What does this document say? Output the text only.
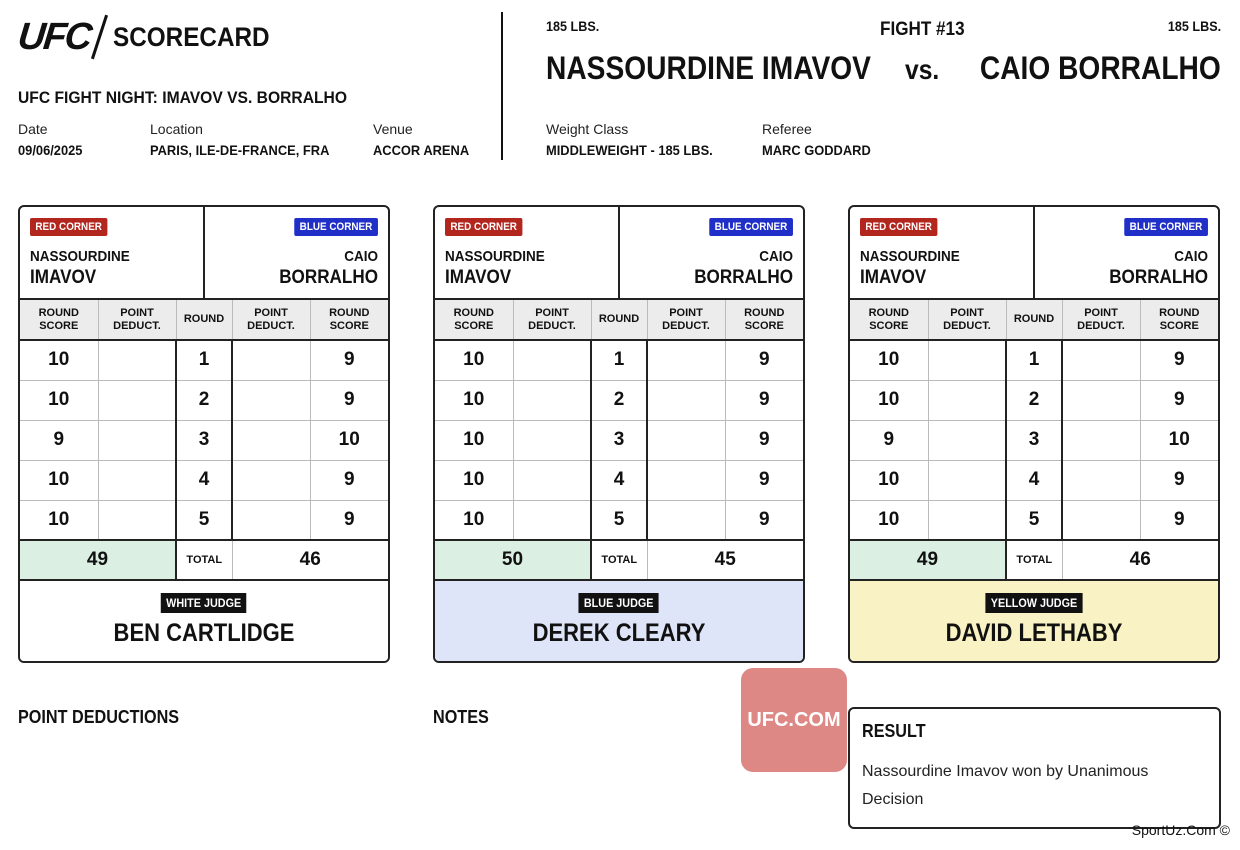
UFC SCORECARD
UFC FIGHT NIGHT: IMAVOV VS. BORRALHO
Date
09/06/2025
Location
PARIS, ILE-DE-FRANCE, FRA
Venue
ACCOR ARENA
185 LBS.	185 LBS.
FIGHT #13
NASSOURDINE IMAVOV vs. CAIO BORRALHO
Weight Class
MIDDLEWEIGHT - 185 LBS.
Referee
MARC GODDARD
RED CORNER
NASSOURDINE
IMAVOV
BLUE CORNER
CAIO
BORRALHO
ROUND SCORE	POINT DEDUCT.	ROUND	POINT DEDUCT.	ROUND SCORE
10		1		9
10		2		9
9		3		10
10		4		9
10		5		9
49		TOTAL	46	
WHITE JUDGE
BEN CARTLIDGE
RED CORNER
NASSOURDINE
IMAVOV
BLUE CORNER
CAIO
BORRALHO
ROUND SCORE	POINT DEDUCT.	ROUND	POINT DEDUCT.	ROUND SCORE
10		1		9
10		2		9
10		3		9
10		4		9
10		5		9
50		TOTAL	45	
BLUE JUDGE
DEREK CLEARY
RED CORNER
NASSOURDINE
IMAVOV
BLUE CORNER
CAIO
BORRALHO
ROUND SCORE	POINT DEDUCT.	ROUND	POINT DEDUCT.	ROUND SCORE
10		1		9
10		2		9
9		3		10
10		4		9
10		5		9
49		TOTAL	46	
YELLOW JUDGE
DAVID LETHABY
POINT DEDUCTIONS	NOTES	UFC.COM
RESULT
Nassourdine Imavov won by Unanimous Decision
SportUz.Com ©
